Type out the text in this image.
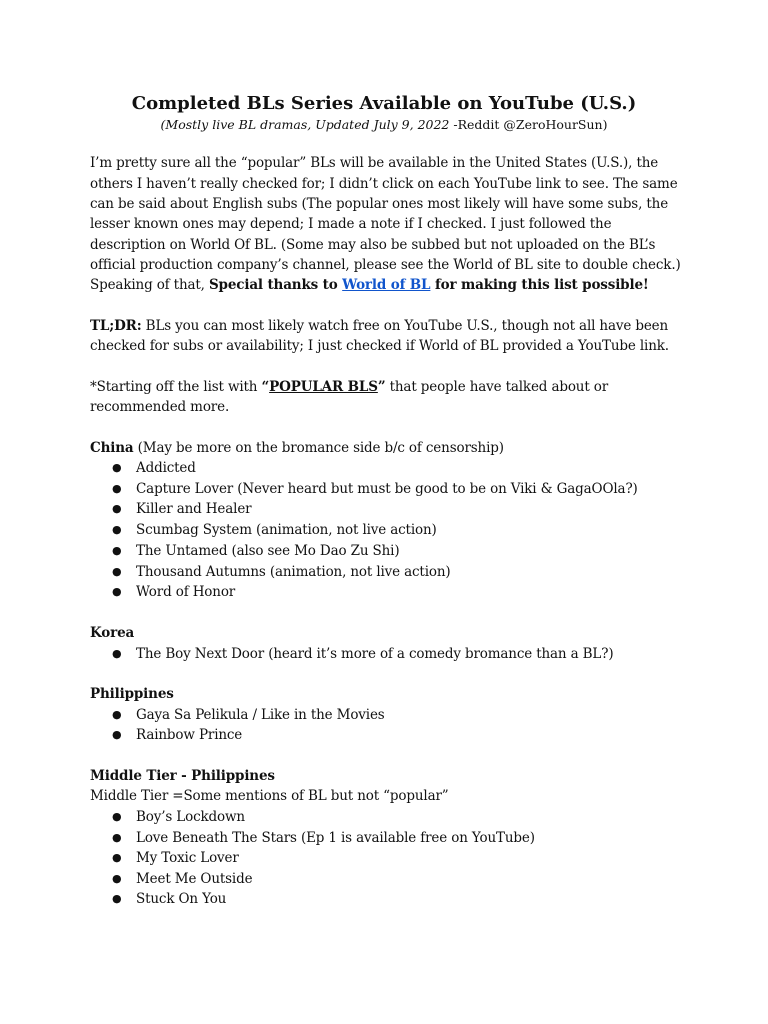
Completed BLs Series Available on YouTube (U.S.)
(Mostly live BL dramas, Updated July 9, 2022 -Reddit @ZeroHourSun)
I’m pretty sure all the “popular” BLs will be available in the United States (U.S.), the
others I haven’t really checked for; I didn’t click on each YouTube link to see. The same
can be said about English subs (The popular ones most likely will have some subs, the
lesser known ones may depend; I made a note if I checked. I just followed the
description on World Of BL. (Some may also be subbed but not uploaded on the BL’s
official production company’s channel, please see the World of BL site to double check.)
Speaking of that, Special thanks to World of BL for making this list possible!
TL;DR: BLs you can most likely watch free on YouTube U.S., though not all have been
checked for subs or availability; I just checked if World of BL provided a YouTube link.
*Starting off the list with “POPULAR BLS” that people have talked about or
recommended more.
China (May be more on the bromance side b/c of censorship)
● Addicted
● Capture Lover (Never heard but must be good to be on Viki & GagaOOla?)
● Killer and Healer
● Scumbag System (animation, not live action)
● The Untamed (also see Mo Dao Zu Shi)
● Thousand Autumns (animation, not live action)
● Word of Honor
Korea
● The Boy Next Door (heard it’s more of a comedy bromance than a BL?)
Philippines
● Gaya Sa Pelikula / Like in the Movies
● Rainbow Prince
Middle Tier - Philippines
Middle Tier =Some mentions of BL but not “popular”
● Boy’s Lockdown
● Love Beneath The Stars (Ep 1 is available free on YouTube)
● My Toxic Lover
● Meet Me Outside
● Stuck On You
